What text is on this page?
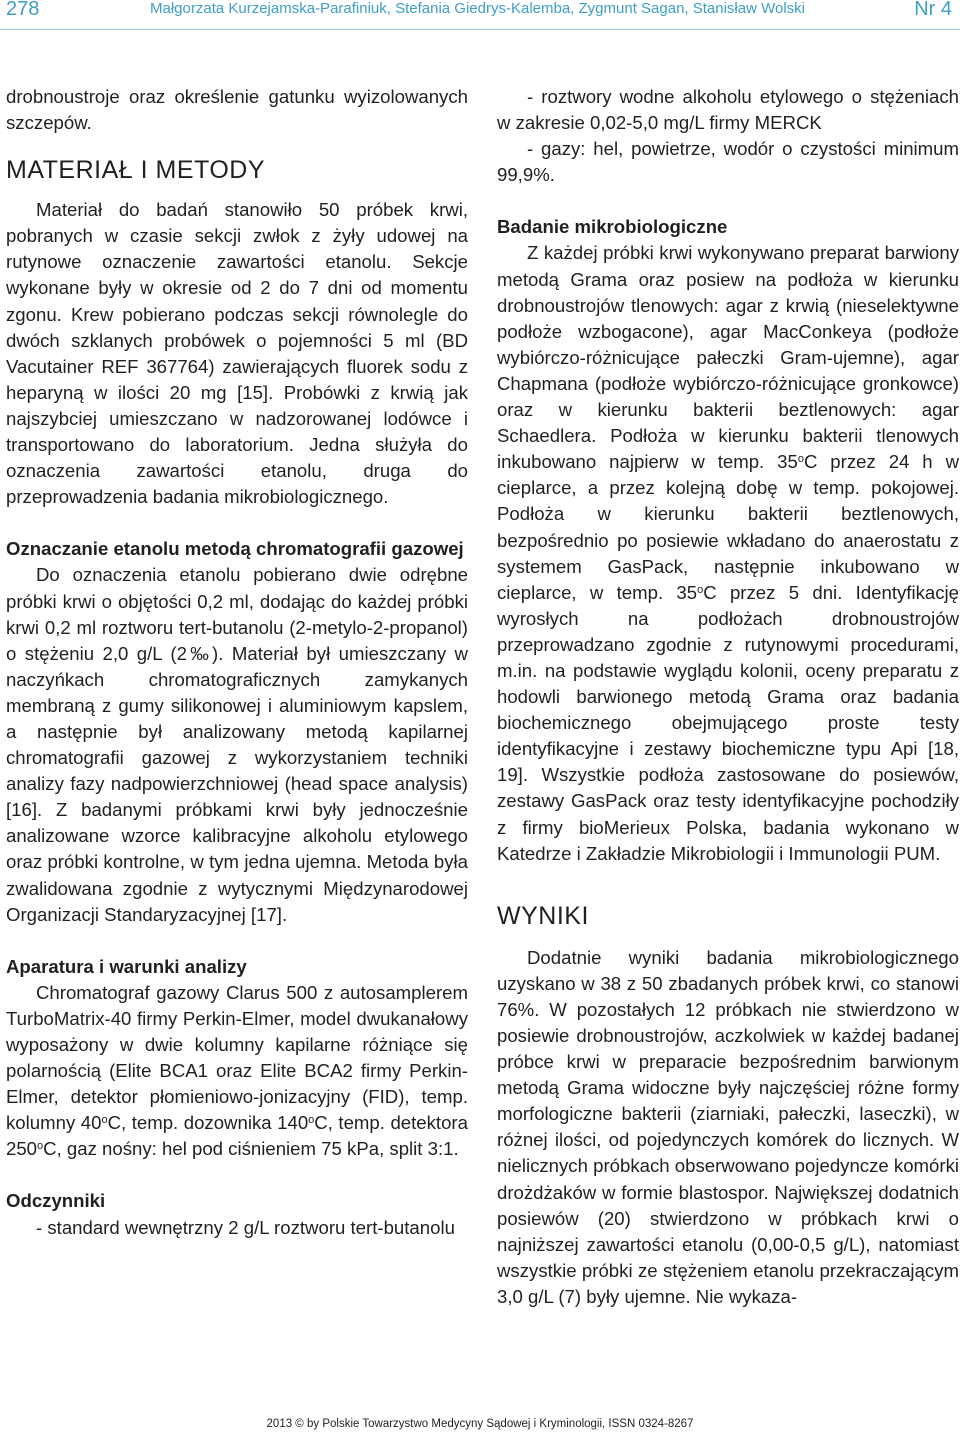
278	Małgorzata Kurzejamska-Parafiniuk, Stefania Giedrys-Kalemba, Zygmunt Sagan, Stanisław Wolski	Nr 4

drobnoustroje oraz określenie gatunku wyizolowanych szczepów.

MATERIAŁ I METODY

Materiał do badań stanowiło 50 próbek krwi, pobranych w czasie sekcji zwłok z żyły udowej na rutynowe oznaczenie zawartości etanolu. Sekcje wykonane były w okresie od 2 do 7 dni od momentu zgonu. Krew pobierano podczas sekcji równolegle do dwóch szklanych probówek o pojemności 5 ml (BD Vacutainer REF 367764) zawierających fluorek sodu z heparyną w ilości 20 mg [15]. Probówki z krwią jak najszybciej umieszczano w nadzorowanej lodówce i transportowano do laboratorium. Jedna służyła do oznaczenia zawartości etanolu, druga do przeprowadzenia badania mikrobiologicznego.

Oznaczanie etanolu metodą chromatografii gazowej

Do oznaczenia etanolu pobierano dwie odrębne próbki krwi o objętości 0,2 ml, dodając do każdej próbki krwi 0,2 ml roztworu tert-butanolu (2-metylo-2-propanol) o stężeniu 2,0 g/L (2‰). Materiał był umieszczany w naczyńkach chromatograficznych zamykanych membraną z gumy silikonowej i aluminiowym kapslem, a następnie był analizowany metodą kapilarnej chromatografii gazowej z wykorzystaniem techniki analizy fazy nadpowierzchniowej (head space analysis) [16]. Z badanymi próbkami krwi były jednocześnie analizowane wzorce kalibracyjne alkoholu etylowego oraz próbki kontrolne, w tym jedna ujemna. Metoda była zwalidowana zgodnie z wytycznymi Międzynarodowej Organizacji Standaryzacyjnej [17].

Aparatura i warunki analizy

Chromatograf gazowy Clarus 500 z autosamplerem TurboMatrix-40 firmy Perkin-Elmer, model dwukanałowy wyposażony w dwie kolumny kapilarne różniące się polarnością (Elite BCA1 oraz Elite BCA2 firmy Perkin-Elmer, detektor płomieniowo-jonizacyjny (FID), temp. kolumny 40$^o$C, temp. dozownika 140$^o$C, temp. detektora 250$^o$C, gaz nośny: hel pod ciśnieniem 75 kPa, split 3:1.

Odczynniki

- standard wewnętrzny 2 g/L roztworu tert-butanolu

- roztwory wodne alkoholu etylowego o stężeniach w zakresie 0,02-5,0 mg/L firmy MERCK

- gazy: hel, powietrze, wodór o czystości minimum 99,9%.

Badanie mikrobiologiczne

Z każdej próbki krwi wykonywano preparat barwiony metodą Grama oraz posiew na podłoża w kierunku drobnoustrojów tlenowych: agar z krwią (nieselektywne podłoże wzbogacone), agar MacConkeya (podłoże wybiórczo-różnicujące pałeczki Gram-ujemne), agar Chapmana (podłoże wybiórczo-różnicujące gronkowce) oraz w kierunku bakterii beztlenowych: agar Schaedlera. Podłoża w kierunku bakterii tlenowych inkubowano najpierw w temp. 35$^o$C przez 24 h w cieplarce, a przez kolejną dobę w temp. pokojowej. Podłoża w kierunku bakterii beztlenowych, bezpośrednio po posiewie wkładano do anaerostatu z systemem GasPack, następnie inkubowano w cieplarce, w temp. 35$^o$C przez 5 dni. Identyfikację wyrosłych na podłożach drobnoustrojów przeprowadzano zgodnie z rutynowymi procedurami, m.in. na podstawie wyglądu kolonii, oceny preparatu z hodowli barwionego metodą Grama oraz badania biochemicznego obejmującego proste testy identyfikacyjne i zestawy biochemiczne typu Api [18, 19]. Wszystkie podłoża zastosowane do posiewów, zestawy GasPack oraz testy identyfikacyjne pochodziły z firmy bioMerieux Polska, badania wykonano w Katedrze i Zakładzie Mikrobiologii i Immunologii PUM.

WYNIKI

Dodatnie wyniki badania mikrobiologicznego uzyskano w 38 z 50 zbadanych próbek krwi, co stanowi 76%. W pozostałych 12 próbkach nie stwierdzono w posiewie drobnoustrojów, aczkolwiek w każdej badanej próbce krwi w preparacie bezpośrednim barwionym metodą Grama widoczne były najczęściej różne formy morfologiczne bakterii (ziarniaki, pałeczki, laseczki), w różnej ilości, od pojedynczych komórek do licznych. W nielicznych próbkach obserwowano pojedyncze komórki drożdżaków w formie blastospor. Największej dodatnich posiewów (20) stwierdzono w próbkach krwi o najniższej zawartości etanolu (0,00-0,5 g/L), natomiast wszystkie próbki ze stężeniem etanolu przekraczającym 3,0 g/L (7) były ujemne. Nie wykaza-

2013 © by Polskie Towarzystwo Medycyny Sądowej i Kryminologii, ISSN 0324-8267
